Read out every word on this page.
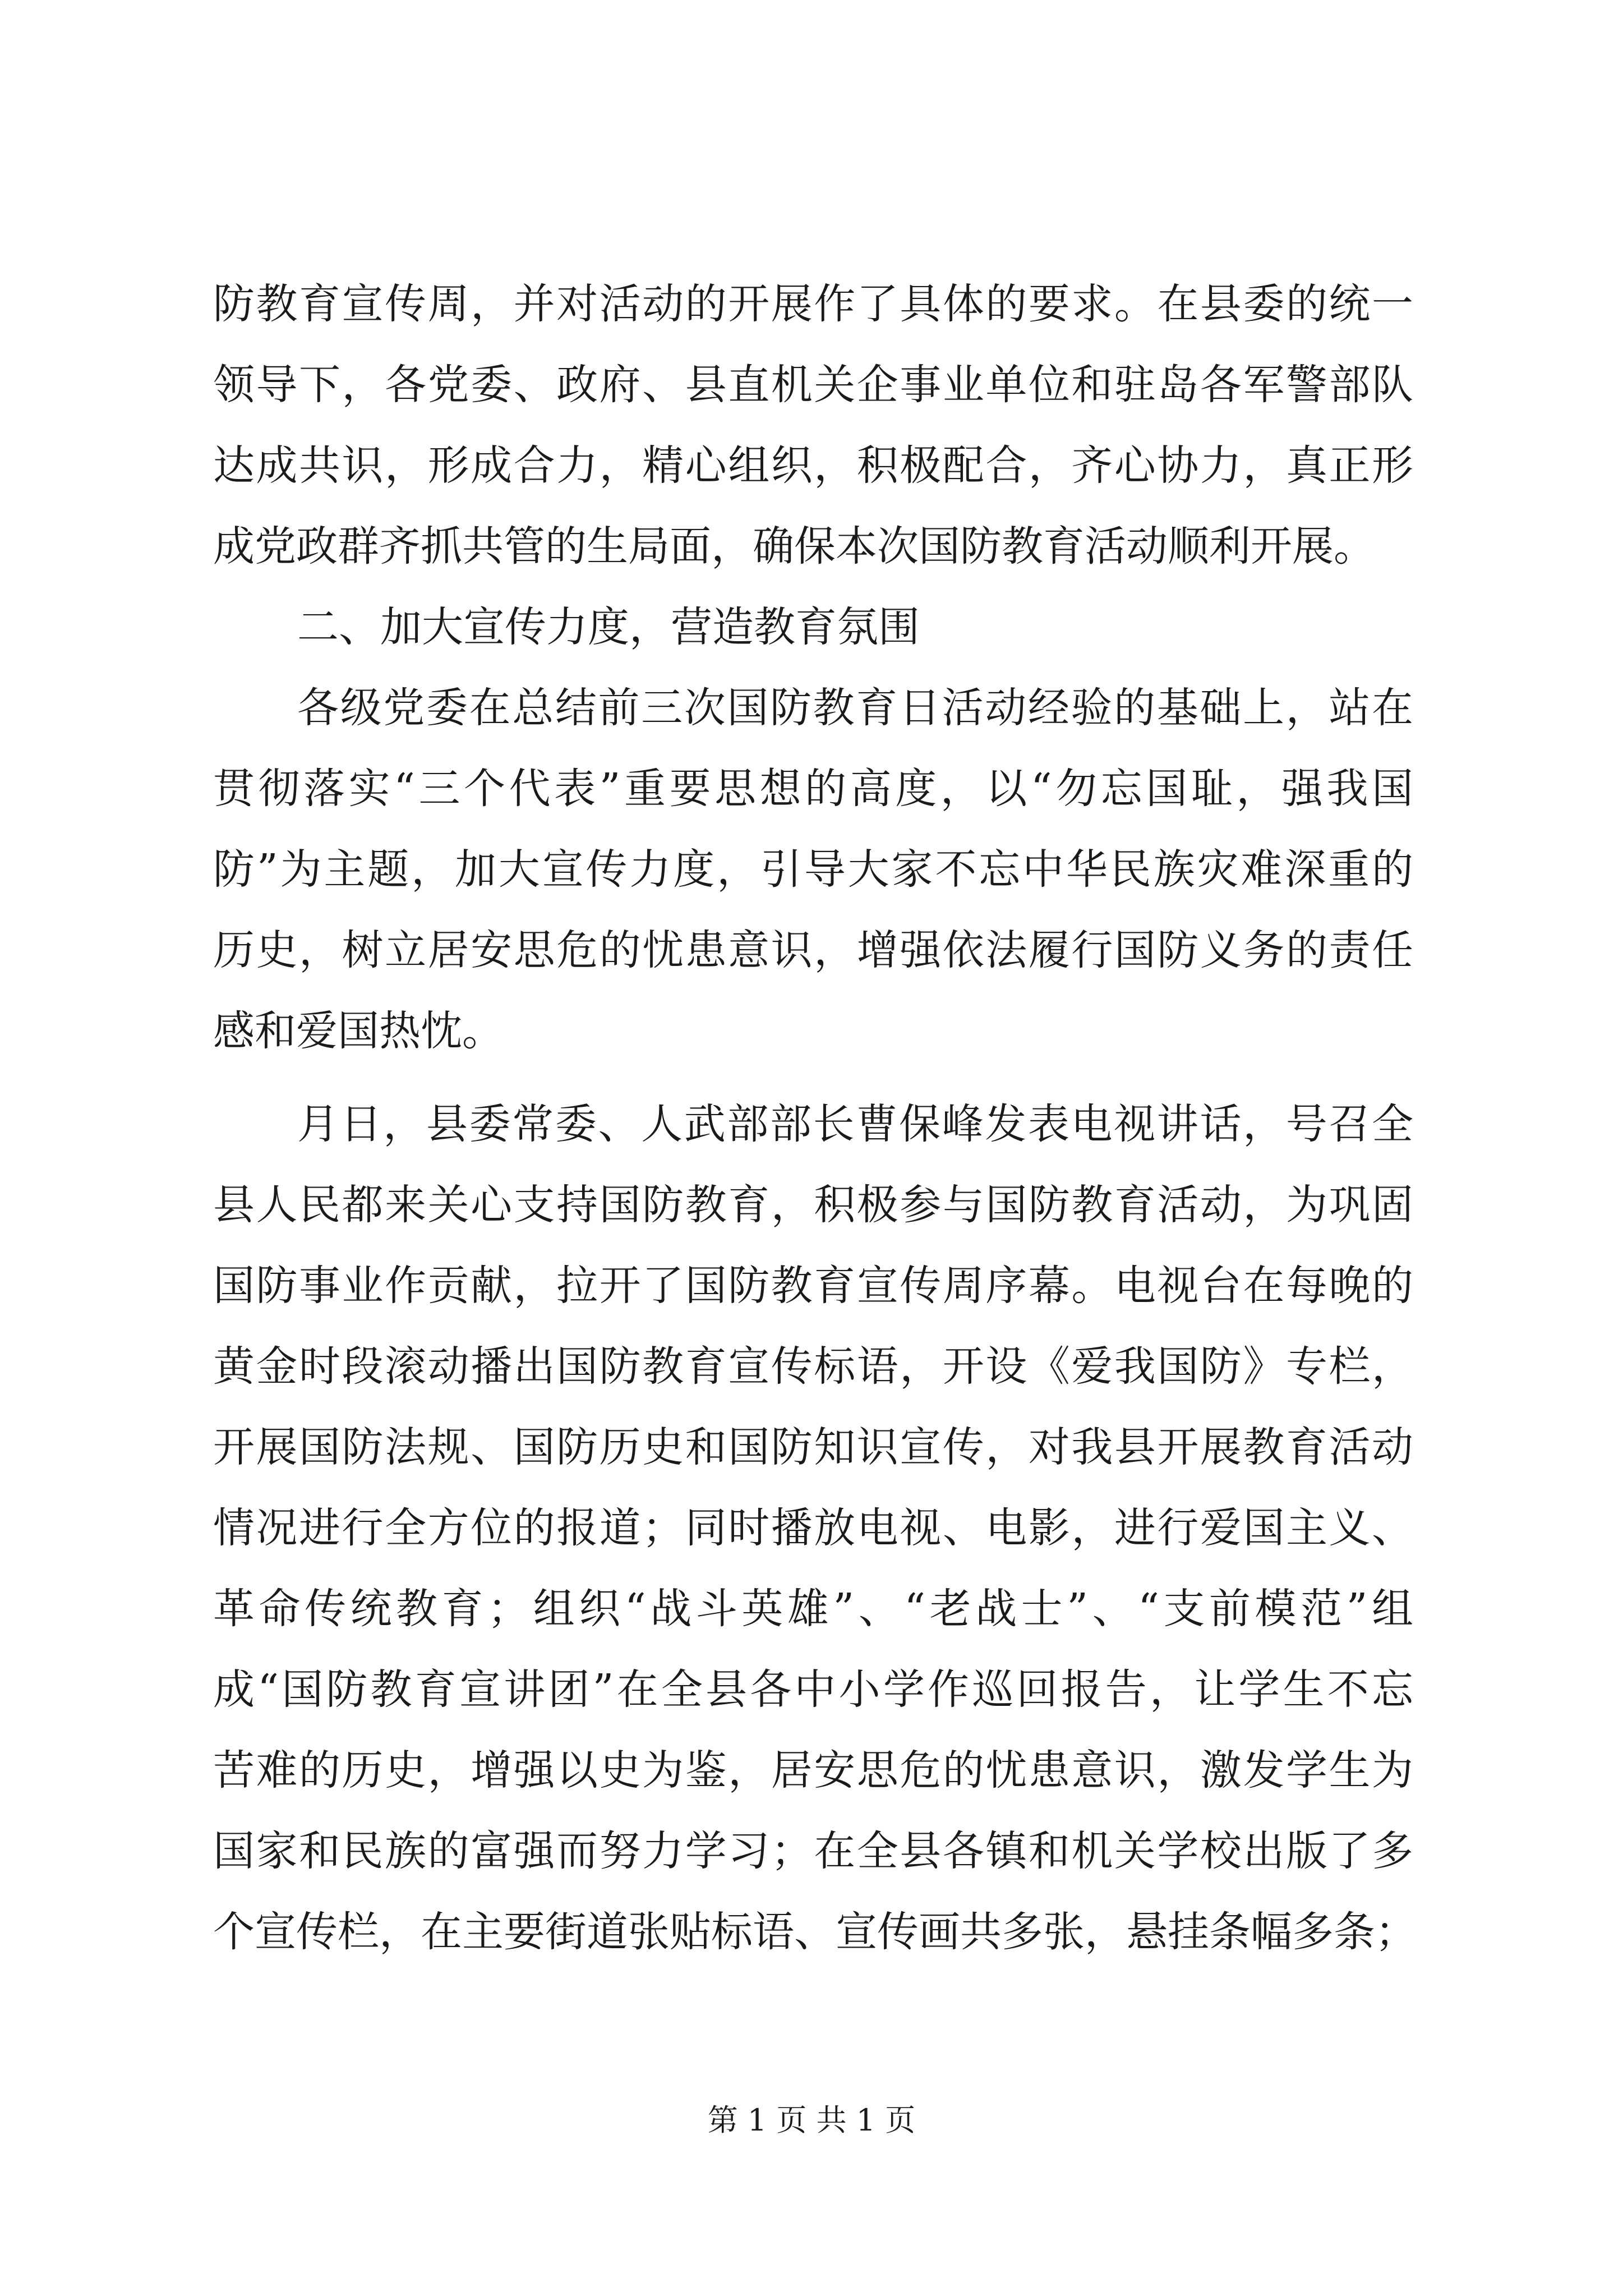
防教育宣传周，并对活动的开展作了具体的要求。在县委的统一
领导下，各党委、政府、县直机关企事业单位和驻岛各军警部队
达成共识，形成合力，精心组织，积极配合，齐心协力，真正形
成党政群齐抓共管的生局面，确保本次国防教育活动顺利开展。
二、加大宣传力度，营造教育氛围
各级党委在总结前三次国防教育日活动经验的基础上，站在
贯彻落实“三个代表”重要思想的高度，以“勿忘国耻，强我国
防”为主题，加大宣传力度，引导大家不忘中华民族灾难深重的
历史，树立居安思危的忧患意识，增强依法履行国防义务的责任
感和爱国热忱。
月日，县委常委、人武部部长曹保峰发表电视讲话，号召全
县人民都来关心支持国防教育，积极参与国防教育活动，为巩固
国防事业作贡献，拉开了国防教育宣传周序幕。电视台在每晚的
黄金时段滚动播出国防教育宣传标语，开设《爱我国防》专栏，
开展国防法规、国防历史和国防知识宣传，对我县开展教育活动
情况进行全方位的报道；同时播放电视、电影，进行爱国主义、
革命传统教育；组织“战斗英雄”、“老战士”、“支前模范”组
成“国防教育宣讲团”在全县各中小学作巡回报告，让学生不忘
苦难的历史，增强以史为鉴，居安思危的忧患意识，激发学生为
国家和民族的富强而努力学习；在全县各镇和机关学校出版了多
个宣传栏，在主要街道张贴标语、宣传画共多张，悬挂条幅多条；
第 1 页 共 1 页
